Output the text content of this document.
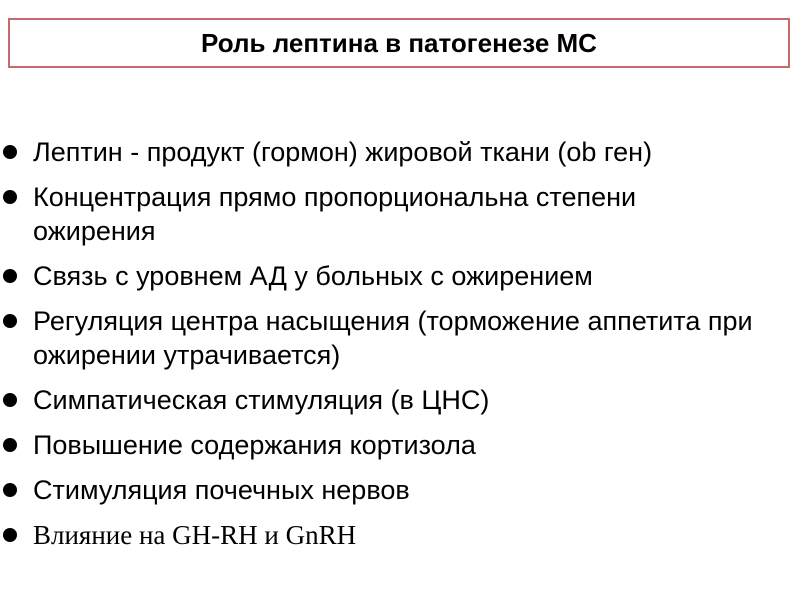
Роль лептина в патогенезе МС
Лептин - продукт (гормон) жировой ткани (ob ген)
Концентрация прямо пропорциональна степени ожирения
Связь с уровнем АД у больных с ожирением
Регуляция центра насыщения (торможение аппетита при ожирении утрачивается)
Симпатическая стимуляция (в ЦНС)
Повышение содержания кортизола
Стимуляция почечных нервов
Влияние на GH-RH и GnRH
